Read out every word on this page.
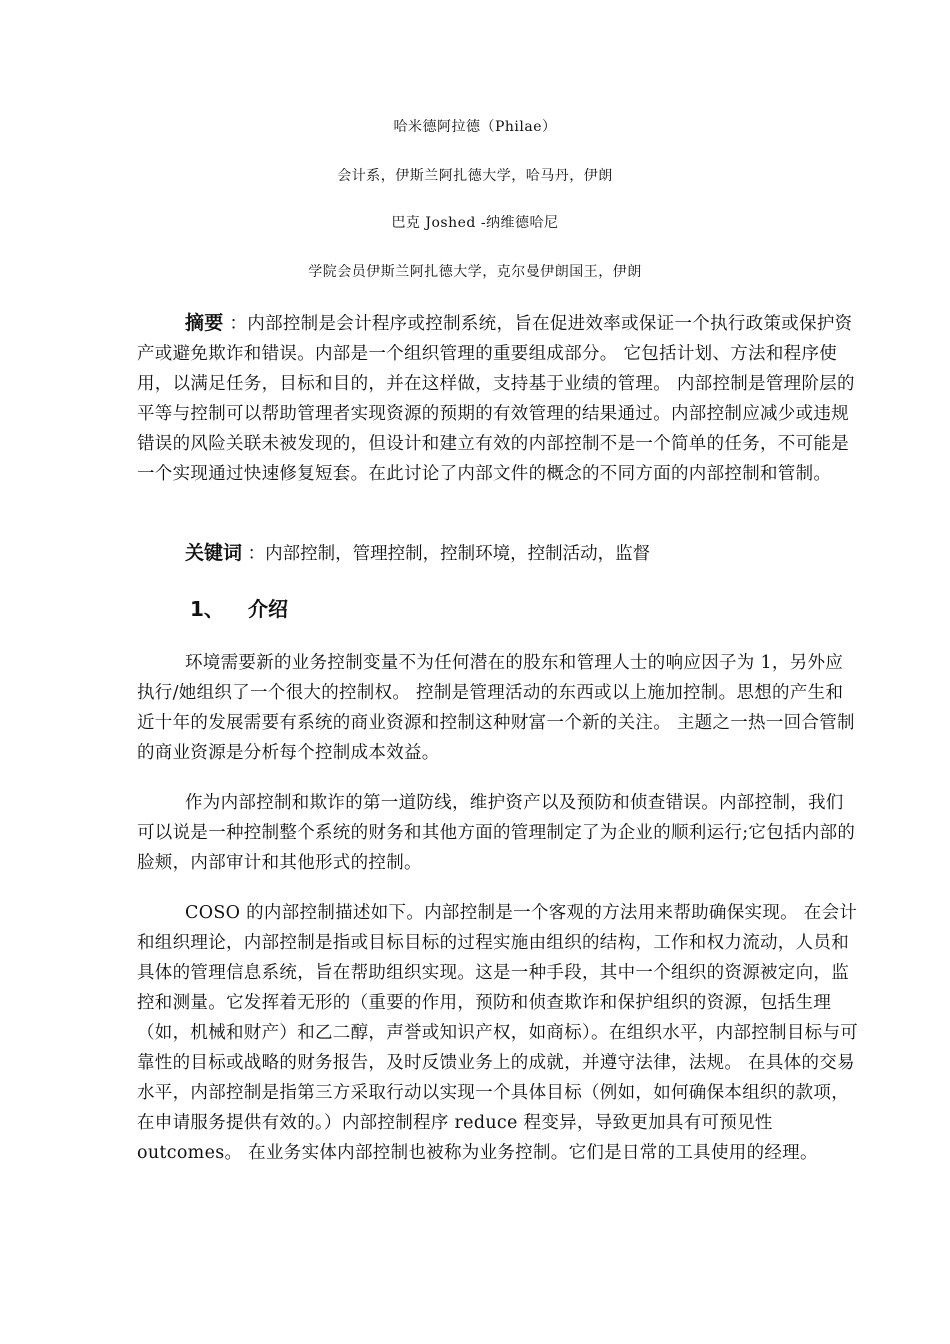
哈米德阿拉德（Philae）
会计系，伊斯兰阿扎德大学，哈马丹，伊朗
巴克 Joshed -纳维德哈尼
学院会员伊斯兰阿扎德大学，克尔曼伊朗国王，伊朗

摘要 ：内部控制是会计程序或控制系统，旨在促进效率或保证一个执行政策或保护资产或避免欺诈和错误。内部是一个组织管理的重要组成部分。 它包括计划、方法和程序使用，以满足任务，目标和目的，并在这样做，支持基于业绩的管理。 内部控制是管理阶层的平等与控制可以帮助管理者实现资源的预期的有效管理的结果通过。内部控制应减少或违规错误的风险关联未被发现的，但设计和建立有效的内部控制不是一个简单的任务，不可能是一个实现通过快速修复短套。在此讨论了内部文件的概念的不同方面的内部控制和管制。

关键词 ：内部控制，管理控制，控制环境，控制活动，监督
1、 介绍

环境需要新的业务控制变量不为任何潜在的股东和管理人士的响应因子为 1，另外应执行/她组织了一个很大的控制权。 控制是管理活动的东西或以上施加控制。思想的产生和近十年的发展需要有系统的商业资源和控制这种财富一个新的关注。 主题之一热一回合管制的商业资源是分析每个控制成本效益。

作为内部控制和欺诈的第一道防线，维护资产以及预防和侦查错误。内部控制，我们可以说是一种控制整个系统的财务和其他方面的管理制定了为企业的顺利运行;它包括内部的脸颊，内部审计和其他形式的控制。

COSO 的内部控制描述如下。内部控制是一个客观的方法用来帮助确保实现。 在会计和组织理论，内部控制是指或目标目标的过程实施由组织的结构，工作和权力流动，人员和具体的管理信息系统，旨在帮助组织实现。这是一种手段，其中一个组织的资源被定向，监控和测量。它发挥着无形的（重要的作用，预防和侦查欺诈和保护组织的资源，包括生理（如，机械和财产）和乙二醇，声誉或知识产权，如商标）。在组织水平，内部控制目标与可靠性的目标或战略的财务报告，及时反馈业务上的成就，并遵守法律，法规。 在具体的交易水平，内部控制是指第三方采取行动以实现一个具体目标（例如，如何确保本组织的款项，在申请服务提供有效的。）内部控制程序 reduce 程变异，导致更加具有可预见性 outcomes。 在业务实体内部控制也被称为业务控制。它们是日常的工具使用的经理。
